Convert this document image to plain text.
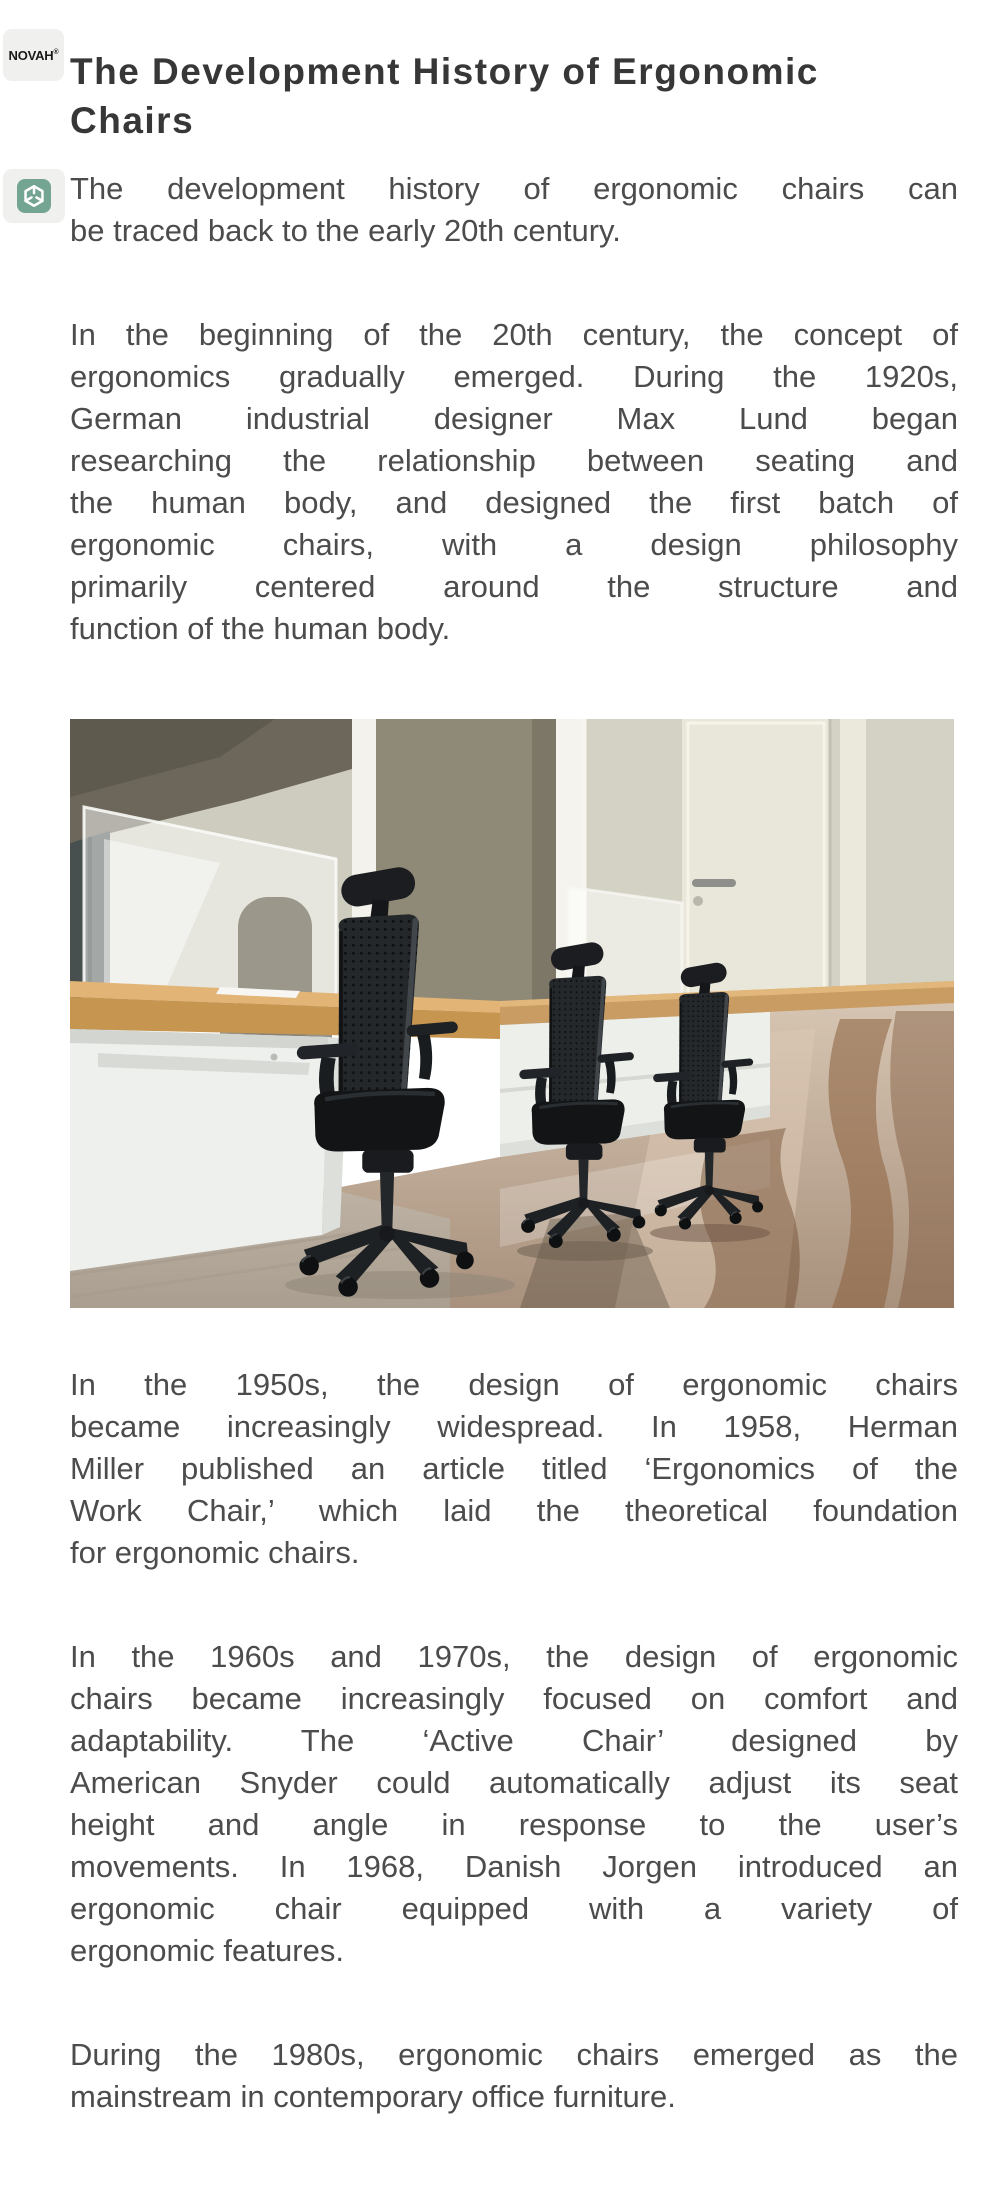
NOVAH® The Development History of Ergonomic
Chairs
The development history of ergonomic chairs can
be traced back to the early 20th century.
In the beginning of the 20th century, the concept of
ergonomics gradually emerged. During the 1920s,
German industrial designer Max Lund began
researching the relationship between seating and
the human body, and designed the first batch of
ergonomic chairs, with a design philosophy
primarily centered around the structure and
function of the human body.
In the 1950s, the design of ergonomic chairs
became increasingly widespread. In 1958, Herman
Miller published an article titled ‘Ergonomics of the
Work Chair,’ which laid the theoretical foundation
for ergonomic chairs.
In the 1960s and 1970s, the design of ergonomic
chairs became increasingly focused on comfort and
adaptability. The ‘Active Chair’ designed by
American Snyder could automatically adjust its seat
height and angle in response to the user’s
movements. In 1968, Danish Jorgen introduced an
ergonomic chair equipped with a variety of
ergonomic features.
During the 1980s, ergonomic chairs emerged as the
mainstream in contemporary office furniture.
